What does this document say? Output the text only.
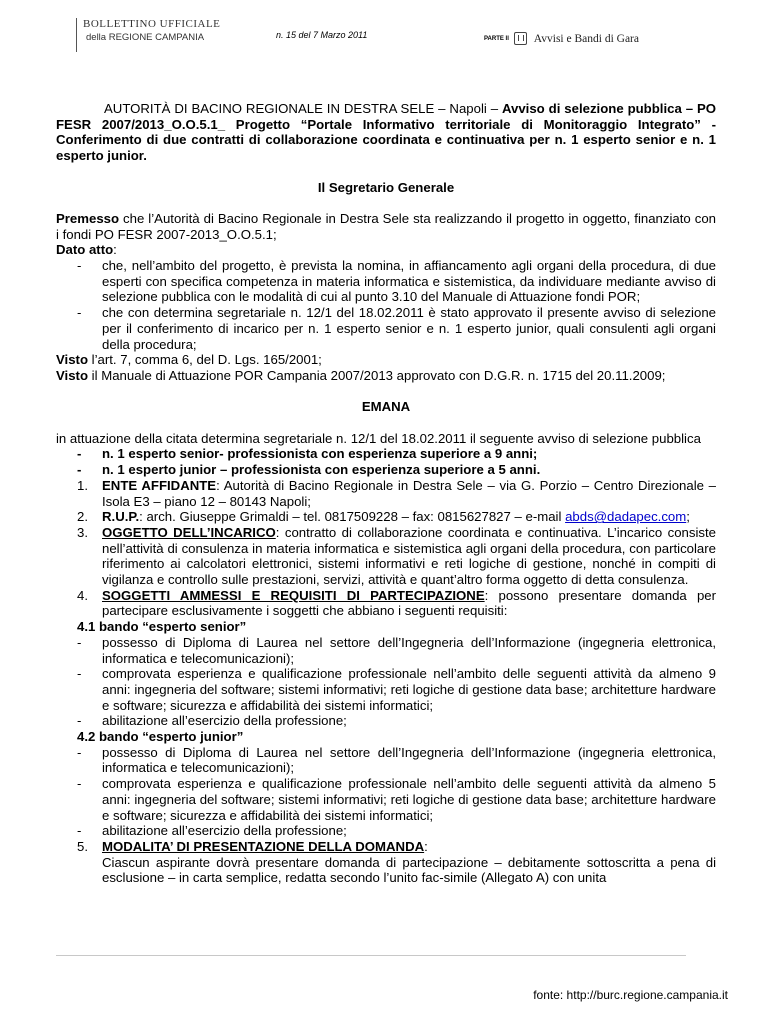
BOLLETTINO UFFICIALE
della REGIONE CAMPANIA	n. 15 del 7 Marzo 2011	PARTE II Avvisi e Bandi di Gara

AUTORITÀ DI BACINO REGIONALE IN DESTRA SELE – Napoli – Avviso di selezione pubblica – PO FESR 2007/2013_O.O.5.1_ Progetto “Portale Informativo territoriale di Monitoraggio Integrato” - Conferimento di due contratti di collaborazione coordinata e continuativa per n. 1 esperto senior e n. 1 esperto junior.

Il Segretario Generale

Premesso che l’Autorità di Bacino Regionale in Destra Sele sta realizzando il progetto in oggetto, finanziato con i fondi PO FESR 2007-2013_O.O.5.1;

Dato atto:

- che, nell’ambito del progetto, è prevista la nomina, in affiancamento agli organi della procedura, di due esperti con specifica competenza in materia informatica e sistemistica, da individuare mediante avviso di selezione pubblica con le modalità di cui al punto 3.10 del Manuale di Attuazione fondi POR;
- che con determina segretariale n. 12/1 del 18.02.2011 è stato approvato il presente avviso di selezione per il conferimento di incarico per n. 1 esperto senior e n. 1 esperto junior, quali consulenti agli organi della procedura;

Visto l’art. 7, comma 6, del D. Lgs. 165/2001;

Visto il Manuale di Attuazione POR Campania 2007/2013 approvato con D.G.R. n. 1715 del 20.11.2009;

EMANA

in attuazione della citata determina segretariale n. 12/1 del 18.02.2011 il seguente avviso di selezione pubblica

- n. 1 esperto senior- professionista con esperienza superiore a 9 anni;
- n. 1 esperto junior – professionista con esperienza superiore a 5 anni.
1. ENTE AFFIDANTE: Autorità di Bacino Regionale in Destra Sele – via G. Porzio – Centro Direzionale – Isola E3 – piano 12 – 80143 Napoli;
2. R.U.P.: arch. Giuseppe Grimaldi – tel. 0817509228 – fax: 0815627827 – e-mail abds@dadapec.com;
3. OGGETTO DELL’INCARICO: contratto di collaborazione coordinata e continuativa. L’incarico consiste nell’attività di consulenza in materia informatica e sistemistica agli organi della procedura, con particolare riferimento ai calcolatori elettronici, sistemi informativi e reti logiche di gestione, nonché in compiti di vigilanza e controllo sulle prestazioni, servizi, attività e quant’altro forma oggetto di detta consulenza.
4. SOGGETTI AMMESSI E REQUISITI DI PARTECIPAZIONE: possono presentare domanda per partecipare esclusivamente i soggetti che abbiano i seguenti requisiti:
4.1 bando “esperto senior”
- possesso di Diploma di Laurea nel settore dell’Ingegneria dell’Informazione (ingegneria elettronica, informatica e telecomunicazioni);
- comprovata esperienza e qualificazione professionale nell’ambito delle seguenti attività da almeno 9 anni: ingegneria del software; sistemi informativi; reti logiche di gestione data base; architetture hardware e software; sicurezza e affidabilità dei sistemi informatici;
- abilitazione all’esercizio della professione;
4.2 bando “esperto junior”
- possesso di Diploma di Laurea nel settore dell’Ingegneria dell’Informazione (ingegneria elettronica, informatica e telecomunicazioni);
- comprovata esperienza e qualificazione professionale nell’ambito delle seguenti attività da almeno 5 anni: ingegneria del software; sistemi informativi; reti logiche di gestione data base; architetture hardware e software; sicurezza e affidabilità dei sistemi informatici;
- abilitazione all’esercizio della professione;
5. MODALITA’ DI PRESENTAZIONE DELLA DOMANDA:
Ciascun aspirante dovrà presentare domanda di partecipazione – debitamente sottoscritta a pena di esclusione – in carta semplice, redatta secondo l’unito fac-simile (Allegato A) con unita
fonte: http://burc.regione.campania.it
